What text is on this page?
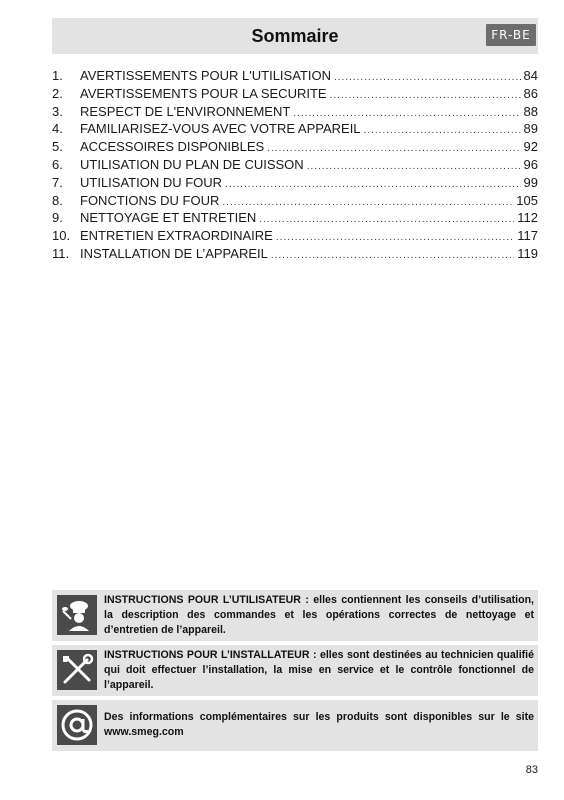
Sommaire	FR-BE
1.	AVERTISSEMENTS POUR L'UTILISATION .....	84
2.	AVERTISSEMENTS POUR LA SECURITE .....	86
3.	RESPECT DE L'ENVIRONNEMENT .....	88
4.	FAMILIARISEZ-VOUS AVEC VOTRE APPAREIL .....	89
5.	ACCESSOIRES DISPONIBLES .....	92
6.	UTILISATION DU PLAN DE CUISSON .....	96
7.	UTILISATION DU FOUR .....	99
8.	FONCTIONS DU FOUR .....	105
9.	NETTOYAGE ET ENTRETIEN .....	112
10. ENTRETIEN EXTRAORDINAIRE .....	117
11. INSTALLATION DE L’APPAREIL .....	119
INSTRUCTIONS POUR L’UTILISATEUR : elles contiennent les conseils d’utilisation, la description des commandes et les opérations correctes de nettoyage et d’entretien de l’appareil.
INSTRUCTIONS POUR L’INSTALLATEUR : elles sont destinées au technicien qualifié qui doit effectuer l’installation, la mise en service et le contrôle fonctionnel de l’appareil.
Des informations complémentaires sur les produits sont disponibles sur le site www.smeg.com
83
